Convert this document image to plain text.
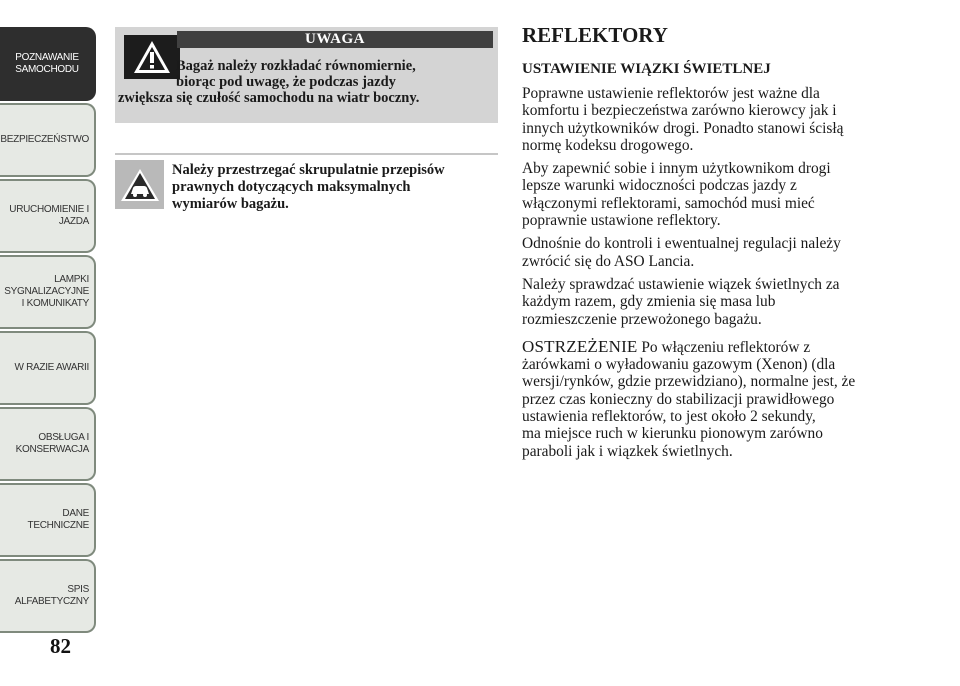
POZNAWANIE
SAMOCHODU
BEZPIECZEŃSTWO
URUCHOMIENIE I
JAZDA
LAMPKI
SYGNALIZACYJNE
I KOMUNIKATY
W RAZIE AWARII
OBSŁUGA I
KONSERWACJA
DANE
TECHNICZNE
SPIS
ALFABETYCZNY
82
UWAGA
Bagaż należy rozkładać równomiernie,
biorąc pod uwagę, że podczas jazdy
zwiększa się czułość samochodu na wiatr boczny.
Należy przestrzegać skrupulatnie przepisów
prawnych dotyczących maksymalnych
wymiarów bagażu.
REFLEKTORY
USTAWIENIE WIĄZKI ŚWIETLNEJ
Poprawne ustawienie reflektorów jest ważne dla
komfortu i bezpieczeństwa zarówno kierowcy jak i
innych użytkowników drogi. Ponadto stanowi ścisłą
normę kodeksu drogowego.
Aby zapewnić sobie i innym użytkownikom drogi
lepsze warunki widoczności podczas jazdy z
włączonymi reflektorami, samochód musi mieć
poprawnie ustawione reflektory.
Odnośnie do kontroli i ewentualnej regulacji należy
zwrócić się do ASO Lancia.
Należy sprawdzać ustawienie wiązek świetlnych za
każdym razem, gdy zmienia się masa lub
rozmieszczenie przewożonego bagażu.
OSTRZEŻENIE Po włączeniu reflektorów z
żarówkami o wyładowaniu gazowym (Xenon) (dla
wersji/rynków, gdzie przewidziano), normalne jest, że
przez czas konieczny do stabilizacji prawidłowego
ustawienia reflektorów, to jest około 2 sekundy,
ma miejsce ruch w kierunku pionowym zarówno
paraboli jak i wiązkek świetlnych.
